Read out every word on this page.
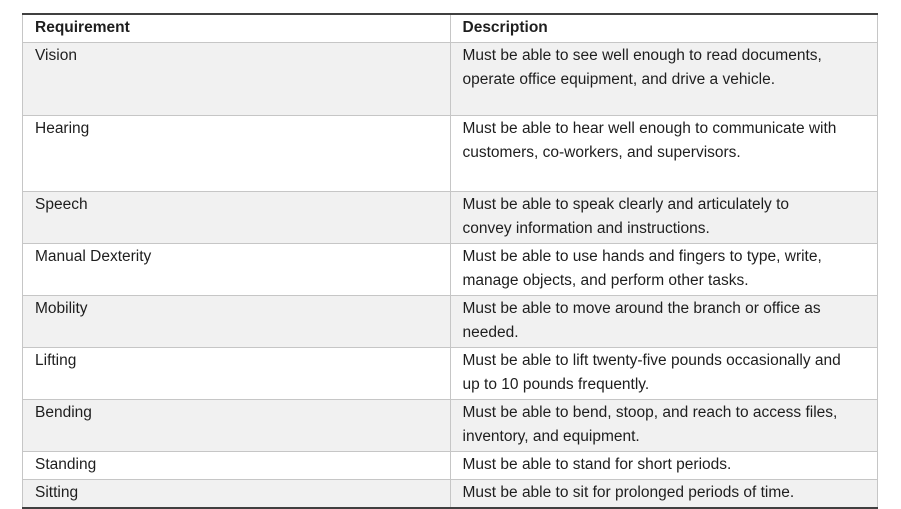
Requirement	Description
Vision	Must be able to see well enough to read documents, operate office equipment, and drive a vehicle.
Hearing	Must be able to hear well enough to communicate with customers, co-workers, and supervisors.
Speech	Must be able to speak clearly and articulately to convey information and instructions.
Manual Dexterity	Must be able to use hands and fingers to type, write, manage objects, and perform other tasks.
Mobility	Must be able to move around the branch or office as needed.
Lifting	Must be able to lift twenty-five pounds occasionally and up to 10 pounds frequently.
Bending	Must be able to bend, stoop, and reach to access files, inventory, and equipment.
Standing	Must be able to stand for short periods.
Sitting	Must be able to sit for prolonged periods of time.
